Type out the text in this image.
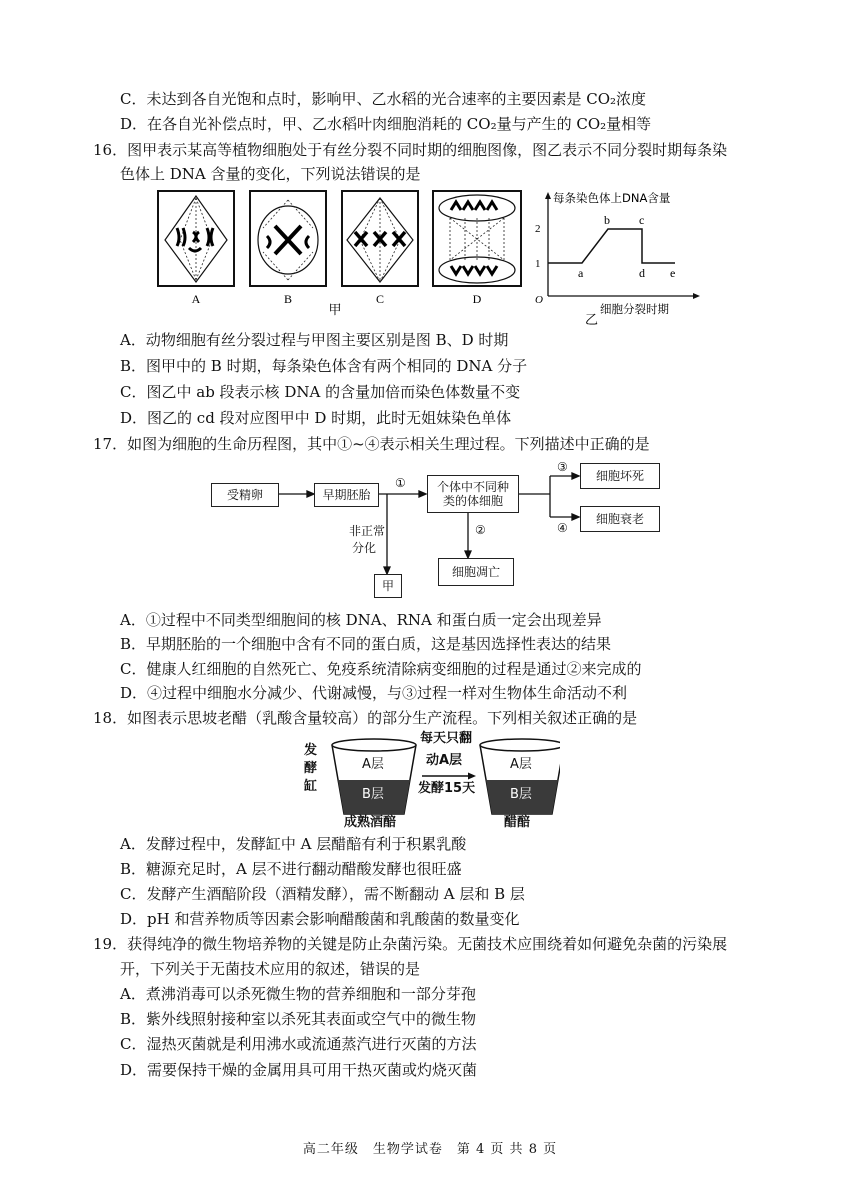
C．未达到各自光饱和点时，影响甲、乙水稻的光合速率的主要因素是 CO₂浓度
D．在各自光补偿点时，甲、乙水稻叶肉细胞消耗的 CO₂量与产生的 CO₂量相等
16．图甲表示某高等植物细胞处于有丝分裂不同时期的细胞图像，图乙表示不同分裂时期每条染
色体上 DNA 含量的变化，下列说法错误的是
A	B	C	D
甲
每条染色体上DNA含量
2
1
O
a
b c
d e
细胞分裂时期
乙
A．动物细胞有丝分裂过程与甲图主要区别是图 B、D 时期
B．图甲中的 B 时期，每条染色体含有两个相同的 DNA 分子
C．图乙中 ab 段表示核 DNA 的含量加倍而染色体数量不变
D．图乙的 cd 段对应图甲中 D 时期，此时无姐妹染色单体
17．如图为细胞的生命历程图，其中①~④表示相关生理过程。下列描述中正确的是
受精卵	早期胚胎
个体中不同种
类的体细胞
细胞坏死
细胞衰老
细胞凋亡
甲
①
②
③
④
非正常
分化
A．①过程中不同类型细胞间的核 DNA、RNA 和蛋白质一定会出现差异
B．早期胚胎的一个细胞中含有不同的蛋白质，这是基因选择性表达的结果
C．健康人红细胞的自然死亡、免疫系统清除病变细胞的过程是通过②来完成的
D．④过程中细胞水分减少、代谢减慢，与③过程一样对生物体生命活动不利
18．如图表示思坡老醋（乳酸含量较高）的部分生产流程。下列相关叙述正确的是
发
酵
缸
A层
B层
A层
B层
每天只翻
动A层
发酵15天
成熟酒醅	醋醅
A．发酵过程中，发酵缸中 A 层醋醅有利于积累乳酸
B．糖源充足时，A 层不进行翻动醋酸发酵也很旺盛
C．发酵产生酒醅阶段（酒精发酵），需不断翻动 A 层和 B 层
D．pH 和营养物质等因素会影响醋酸菌和乳酸菌的数量变化
19．获得纯净的微生物培养物的关键是防止杂菌污染。无菌技术应围绕着如何避免杂菌的污染展
开，下列关于无菌技术应用的叙述，错误的是
A．煮沸消毒可以杀死微生物的营养细胞和一部分芽孢
B．紫外线照射接种室以杀死其表面或空气中的微生物
C．湿热灭菌就是利用沸水或流通蒸汽进行灭菌的方法
D．需要保持干燥的金属用具可用干热灭菌或灼烧灭菌
高二年级　生物学试卷　第 4 页 共 8 页
